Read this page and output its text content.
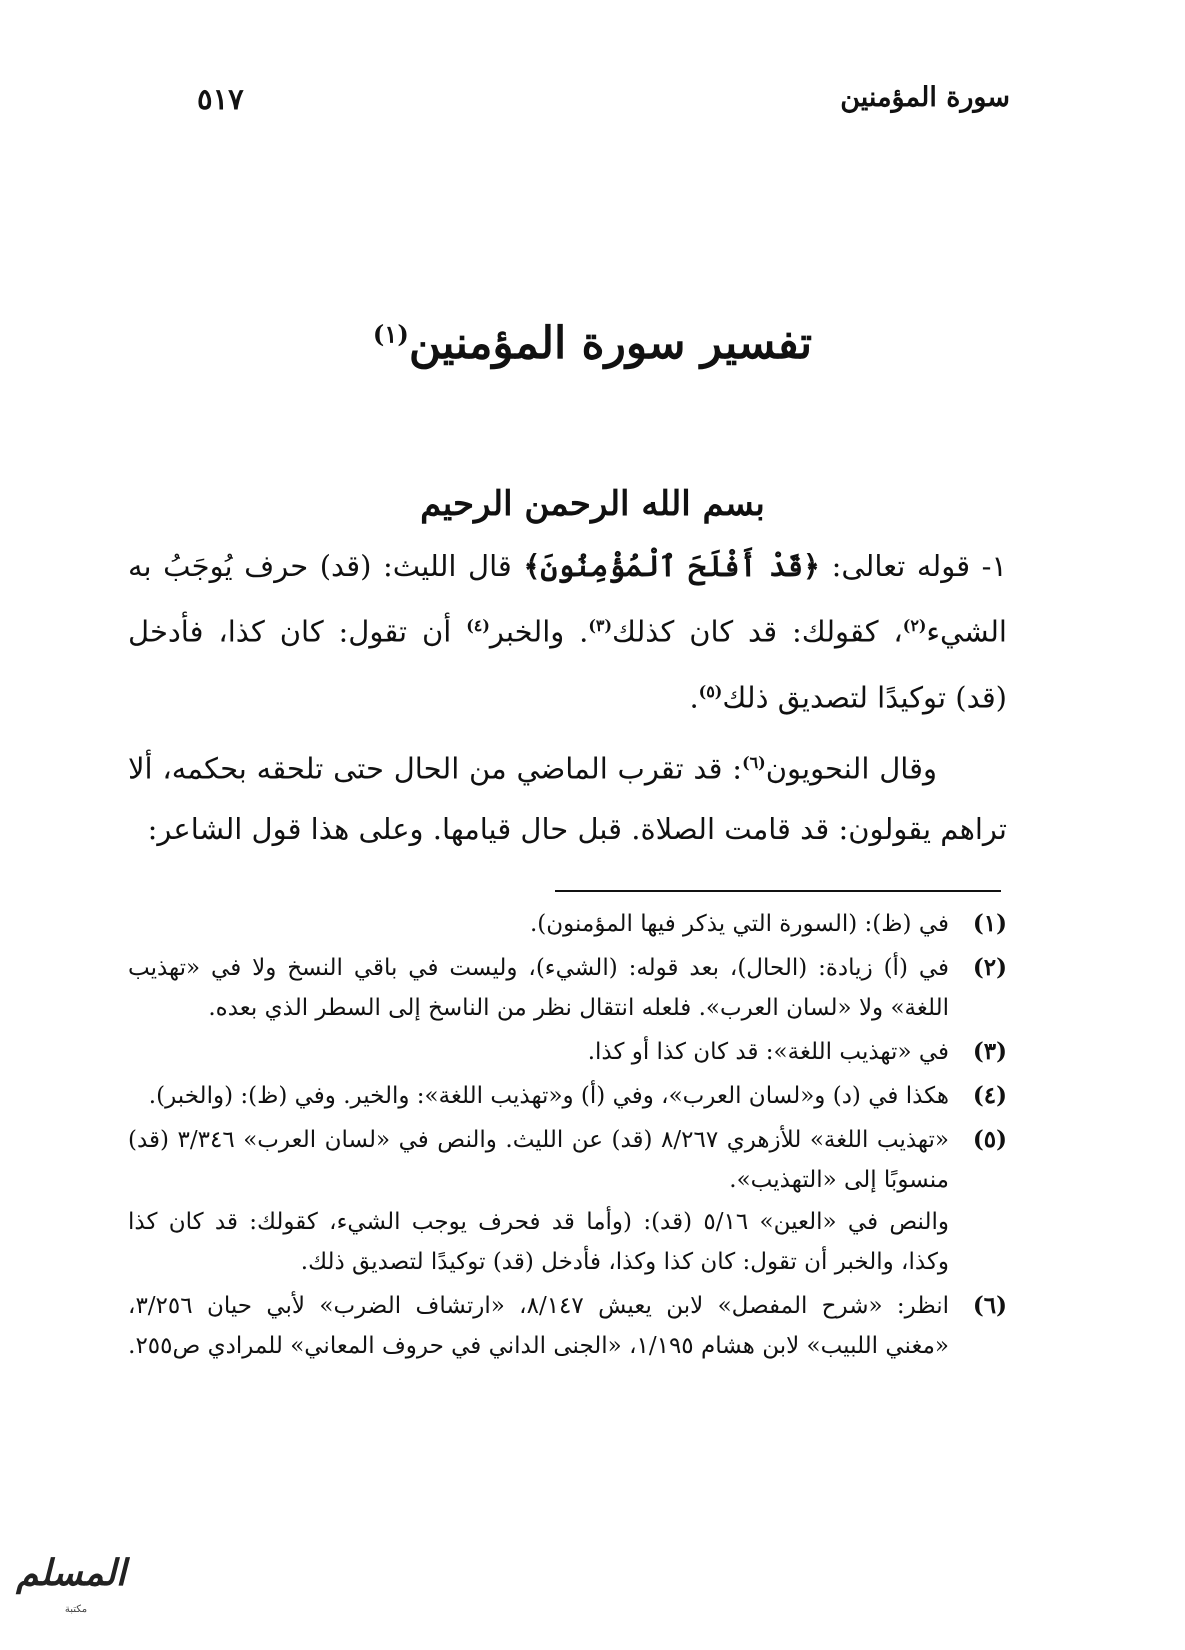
سورة المؤمنين
٥١٧
تفسير سورة المؤمنين$^{(١)}$
بسم الله الرحمن الرحيم

١- قوله تعالى: ﴿قَدْ أَفْلَحَ ٱلْمُؤْمِنُونَ﴾ قال الليث: (قد) حرف يُوجَبُ به الشيء$^{(٢)}$، كقولك: قد كان كذلك$^{(٣)}$. والخبر$^{(٤)}$ أن تقول: كان كذا، فأدخل (قد) توكيدًا لتصديق ذلك$^{(٥)}$.

وقال النحويون$^{(٦)}$: قد تقرب الماضي من الحال حتى تلحقه بحكمه، ألا تراهم يقولون: قد قامت الصلاة. قبل حال قيامها. وعلى هذا قول الشاعر:

(١)
في (ظ): (السورة التي يذكر فيها المؤمنون).
(٢)
في (أ) زيادة: (الحال)، بعد قوله: (الشيء)، وليست في باقي النسخ ولا في «تهذيب اللغة» ولا «لسان العرب». فلعله انتقال نظر من الناسخ إلى السطر الذي بعده.
(٣)
في «تهذيب اللغة»: قد كان كذا أو كذا.
(٤)
هكذا في (د) و«لسان العرب»، وفي (أ) و«تهذيب اللغة»: والخير. وفي (ظ): (والخبر).
(٥)
«تهذيب اللغة» للأزهري ٨/٢٦٧ (قد) عن الليث. والنص في «لسان العرب» ٣/٣٤٦ (قد) منسوبًا إلى «التهذيب».
والنص في «العين» ٥/١٦ (قد): (وأما قد فحرف يوجب الشيء، كقولك: قد كان كذا وكذا، والخبر أن تقول: كان كذا وكذا، فأدخل (قد) توكيدًا لتصديق ذلك.
(٦)
انظر: «شرح المفصل» لابن يعيش ٨/١٤٧، «ارتشاف الضرب» لأبي حيان ٣/٢٥٦، «مغني اللبيب» لابن هشام ١/١٩٥، «الجنى الداني في حروف المعاني» للمرادي ص٢٥٥.
المسلم
مكتبة
